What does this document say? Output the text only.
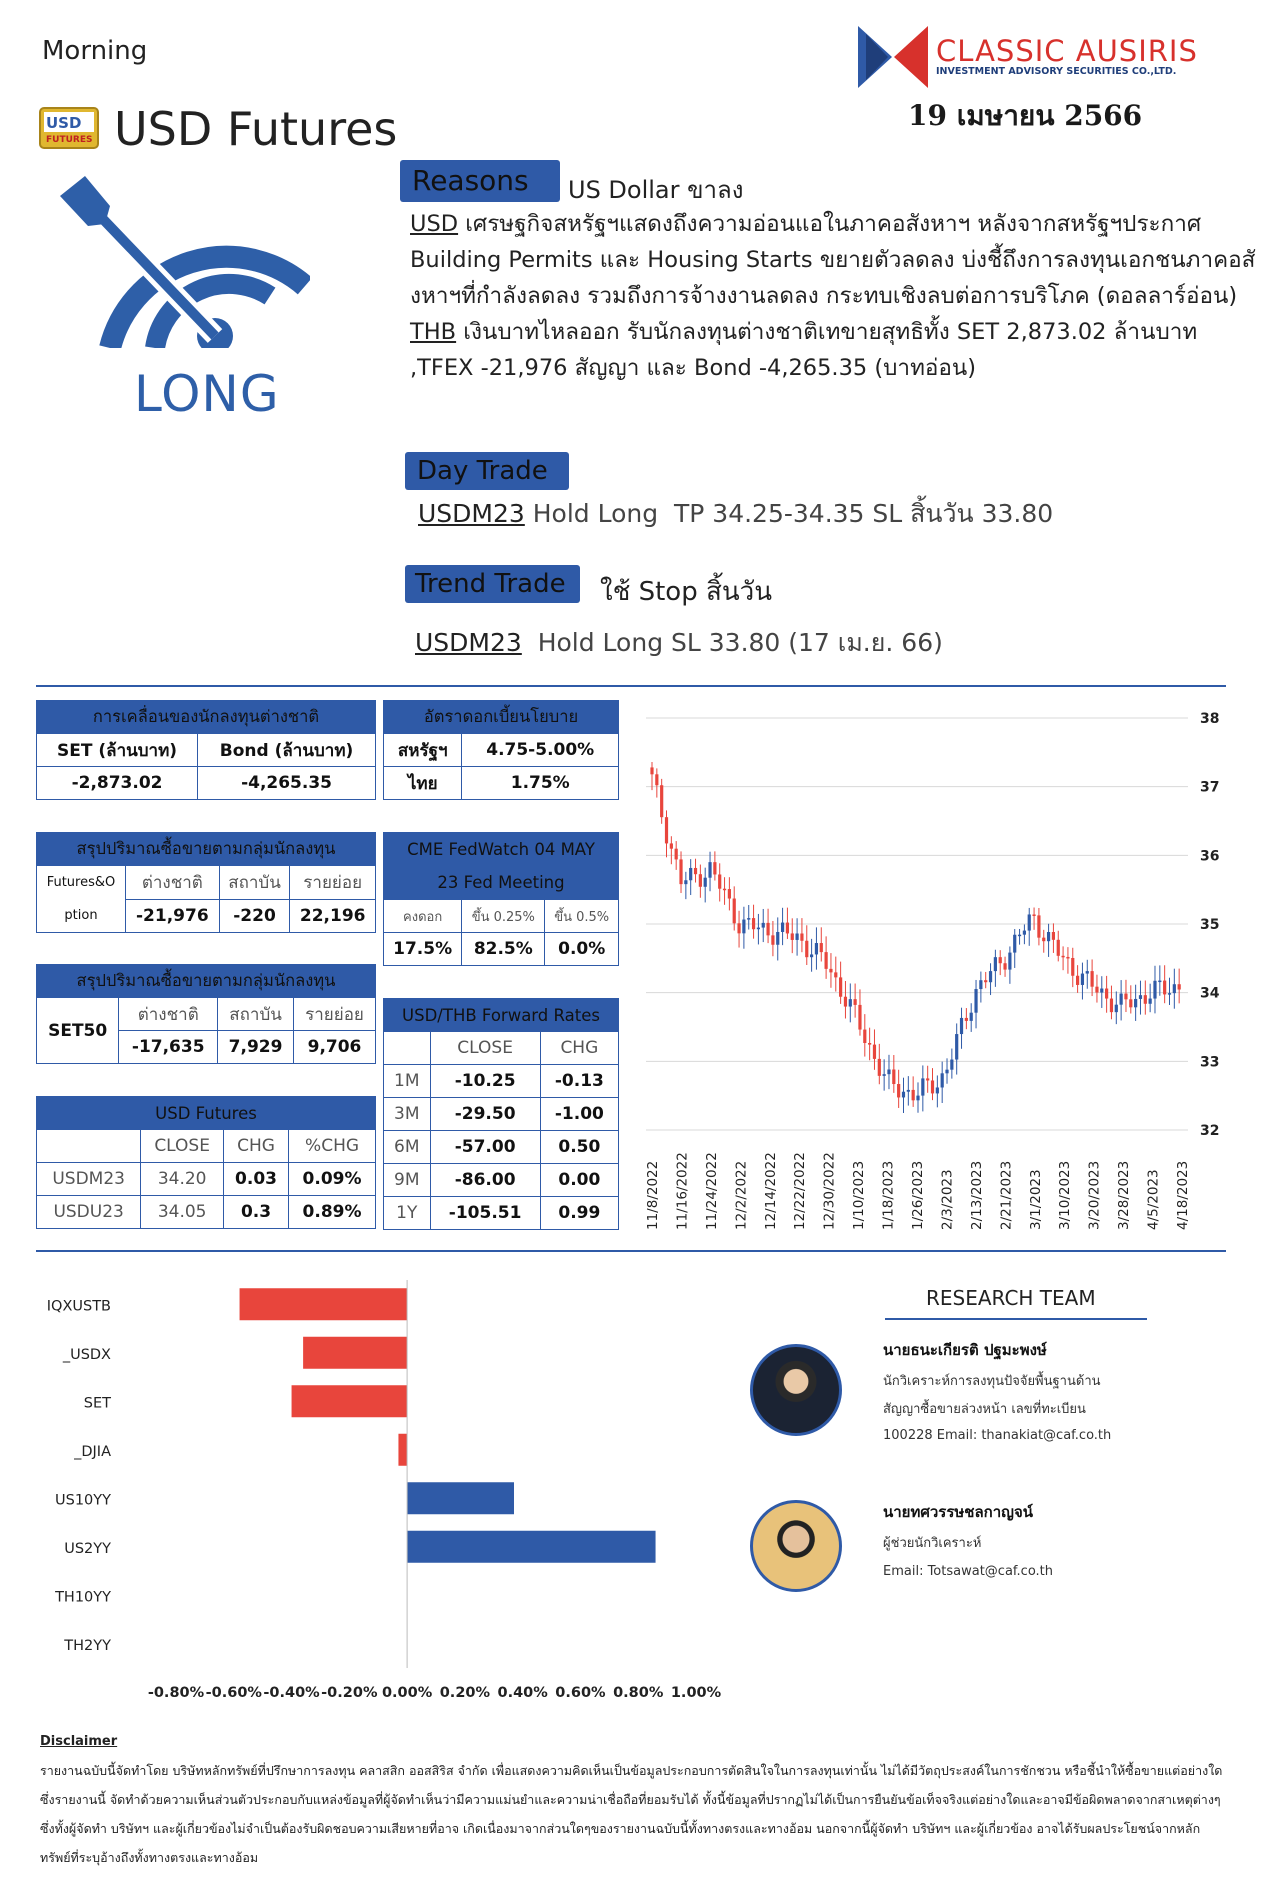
Morning
USD
FUTURES USD Futures
CLASSIC AUSIRIS
INVESTMENT ADVISORY SECURITIES CO.,LTD.
19 เมษายน 2566
LONG
Reasons	US Dollar ขาลง
USD เศรษฐกิจสหรัฐฯแสดงถึงความอ่อนแอในภาคอสังหาฯ หลังจากสหรัฐฯประกาศ Building Permits และ Housing Starts ขยายตัวลดลง บ่งชี้ถึงการลงทุนเอกชนภาคอสังหาฯที่กำลังลดลง รวมถึงการจ้างงานลดลง กระทบเชิงลบต่อการบริโภค (ดอลลาร์อ่อน)
THB เงินบาทไหลออก รับนักลงทุนต่างชาติเทขายสุทธิทั้ง SET 2,873.02 ล้านบาท ,TFEX -21,976 สัญญา และ Bond -4,265.35 (บาทอ่อน)
Day Trade
USDM23 Hold Long  TP 34.25-34.35 SL สิ้นวัน 33.80
Trend Trade	ใช้ Stop สิ้นวัน
USDM23  Hold Long SL 33.80 (17 เม.ย. 66)
การเคลื่อนของนักลงทุนต่างชาติ	
SET (ล้านบาท)	Bond (ล้านบาท)
-2,873.02	-4,265.35
อัตราดอกเบี้ยนโยบาย	
สหรัฐฯ	4.75-5.00%
ไทย	1.75%
สรุปปริมาณซื้อขายตามกลุ่มนักลงทุน			
Futures&O
ption	ต่างชาติ	สถาบัน	รายย่อย
	-21,976	-220	22,196
CME FedWatch 04 MAY
23 Fed Meeting		
คงดอก	ขึ้น 0.25%	ขึ้น 0.5%
17.5%	82.5%	0.0%
สรุปปริมาณซื้อขายตามกลุ่มนักลงทุน			
SET50	ต่างชาติ	สถาบัน	รายย่อย
	-17,635	7,929	9,706
USD Futures			
	CLOSE	CHG	%CHG
USDM23	34.20	0.03	0.09%
USDU23	34.05	0.3	0.89%
USD/THB Forward Rates		
	CLOSE	CHG
1M	-10.25	-0.13
3M	-29.50	-1.00
6M	-57.00	0.50
9M	-86.00	0.00
1Y	-105.51	0.99
32
33
34
35
36
37
38
11/8/2022 11/16/2022 11/24/2022 12/2/2022 12/14/2022 12/22/2022 12/30/2022 1/10/2023 1/18/2023 1/26/2023 2/3/2023 2/13/2023 2/21/2023 3/1/2023 3/10/2023 3/20/2023 3/28/2023 4/5/2023 4/18/2023
IQXUSTB
_USDX
SET
_DJIA
US10YY
US2YY
TH10YY
TH2YY
-0.80% -0.60% -0.40% -0.20% 0.00% 0.20% 0.40% 0.60% 0.80% 1.00%
RESEARCH TEAM
นายธนะเกียรติ ปฐมะพงษ์
นักวิเคราะห์การลงทุนปัจจัยพื้นฐานด้าน
สัญญาซื้อขายล่วงหน้า เลขที่ทะเบียน
100228 Email: thanakiat@caf.co.th
นายทศวรรษชลกาญจน์
ผู้ช่วยนักวิเคราะห์
Email: Totsawat@caf.co.th
Disclaimer
รายงานฉบับนี้จัดทำโดย บริษัทหลักทรัพย์ที่ปรึกษาการลงทุน คลาสสิก ออสสิริส จำกัด เพื่อแสดงความคิดเห็นเป็นข้อมูลประกอบการตัดสินใจในการลงทุนเท่านั้น ไม่ได้มีวัตถุประสงค์ในการชักชวน หรือชี้นำให้ซื้อขายแต่อย่างใด ซึ่งรายงานนี้ จัดทำด้วยความเห็นส่วนตัวประกอบกับแหล่งข้อมูลที่ผู้จัดทำเห็นว่ามีความแม่นยำและความน่าเชื่อถือที่ยอมรับได้ ทั้งนี้ข้อมูลที่ปรากฏไม่ได้เป็นการยืนยันข้อเท็จจริงแต่อย่างใดและอาจมีข้อผิดพลาดจากสาเหตุต่างๆ ซึ่งทั้งผู้จัดทำ บริษัทฯ และผู้เกี่ยวข้องไม่จำเป็นต้องรับผิดชอบความเสียหายที่อาจ เกิดเนื่องมาจากส่วนใดๆของรายงานฉบับนี้ทั้งทางตรงและทางอ้อม นอกจากนี้ผู้จัดทำ บริษัทฯ และผู้เกี่ยวข้อง อาจได้รับผลประโยชน์จากหลักทรัพย์ที่ระบุอ้างถึงทั้งทางตรงและทางอ้อม
